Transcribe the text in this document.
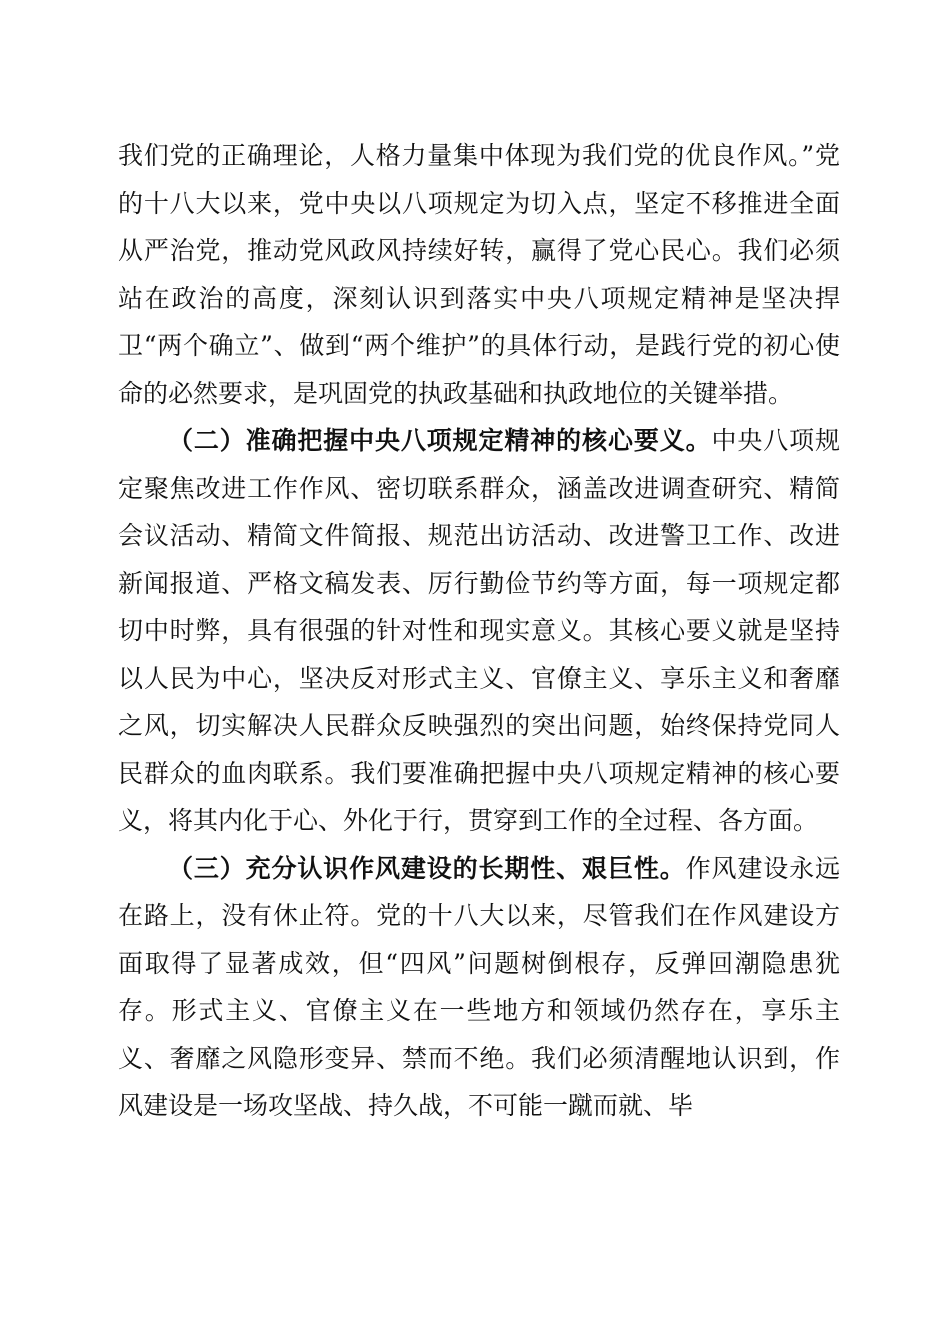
我们党的正确理论，人格力量集中体现为我们党的优良作风。”党的十八大以来，党中央以八项规定为切入点，坚定不移推进全面从严治党，推动党风政风持续好转，赢得了党心民心。我们必须站在政治的高度，深刻认识到落实中央八项规定精神是坚决捍卫“两个确立”、做到“两个维护”的具体行动，是践行党的初心使命的必然要求，是巩固党的执政基础和执政地位的关键举措。

（二）准确把握中央八项规定精神的核心要义。中央八项规定聚焦改进工作作风、密切联系群众，涵盖改进调查研究、精简会议活动、精简文件简报、规范出访活动、改进警卫工作、改进新闻报道、严格文稿发表、厉行勤俭节约等方面，每一项规定都切中时弊，具有很强的针对性和现实意义。其核心要义就是坚持以人民为中心，坚决反对形式主义、官僚主义、享乐主义和奢靡之风，切实解决人民群众反映强烈的突出问题，始终保持党同人民群众的血肉联系。我们要准确把握中央八项规定精神的核心要义，将其内化于心、外化于行，贯穿到工作的全过程、各方面。

（三）充分认识作风建设的长期性、艰巨性。作风建设永远在路上，没有休止符。党的十八大以来，尽管我们在作风建设方面取得了显著成效，但“四风”问题树倒根存，反弹回潮隐患犹存。形式主义、官僚主义在一些地方和领域仍然存在，享乐主义、奢靡之风隐形变异、禁而不绝。我们必须清醒地认识到，作风建设是一场攻坚战、持久战，不可能一蹴而就、毕
